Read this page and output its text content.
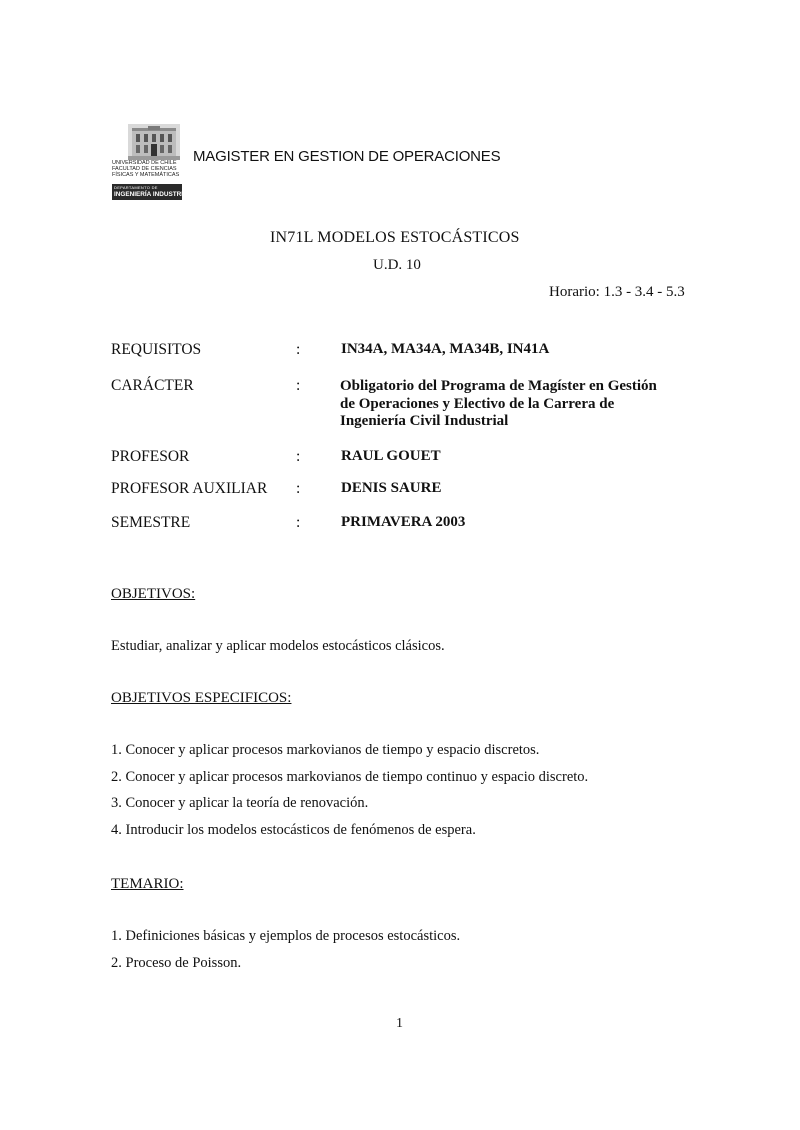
UNIVERSIDAD DE CHILE
FACULTAD DE CIENCIAS
FÍSICAS Y MATEMÁTICAS
DEPARTAMENTO DE
INGENIERÍA INDUSTRIAL
MAGISTER EN GESTION DE OPERACIONES
IN71L MODELOS ESTOCÁSTICOS
U.D. 10
Horario: 1.3 - 3.4 - 5.3
REQUISITOS	:	IN34A, MA34A, MA34B, IN41A
CARÁCTER	:	Obligatorio del Programa de Magíster en Gestión de Operaciones y Electivo de la Carrera de Ingeniería Civil Industrial
PROFESOR	:	RAUL GOUET
PROFESOR AUXILIAR :	DENIS SAURE
SEMESTRE	:	PRIMAVERA 2003
OBJETIVOS:
Estudiar, analizar y aplicar modelos estocásticos clásicos.
OBJETIVOS ESPECIFICOS:
1. Conocer y aplicar procesos markovianos de tiempo y espacio discretos.
2. Conocer y aplicar procesos markovianos de tiempo continuo y espacio discreto.
3. Conocer y aplicar la teoría de renovación.
4. Introducir los modelos estocásticos de fenómenos de espera.
TEMARIO:
1. Definiciones básicas y ejemplos de procesos estocásticos.
2. Proceso de Poisson.
1
